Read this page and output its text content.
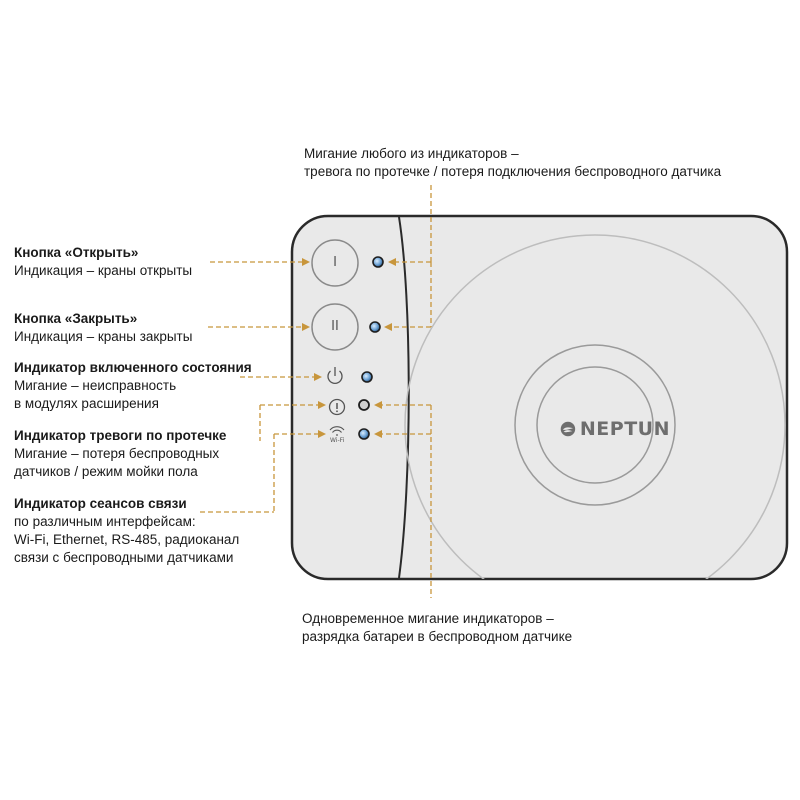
I
II
Wi-Fi
NEPTUN
Мигание любого из индикаторов –
тревога по протечке / потеря подключения беспроводного датчика
Одновременное мигание индикаторов –
разрядка батареи в беспроводном датчике
Кнопка «Открыть»
Индикация – краны открыты
Кнопка «Закрыть»
Индикация – краны закрыты
Индикатор включенного состояния
Мигание – неисправность
в модулях расширения
Индикатор тревоги по протечке
Мигание – потеря беспроводных
датчиков / режим мойки пола
Индикатор сеансов связи
по различным интерфейсам:
Wi-Fi, Ethernet, RS-485, радиоканал
связи с беспроводными датчиками
